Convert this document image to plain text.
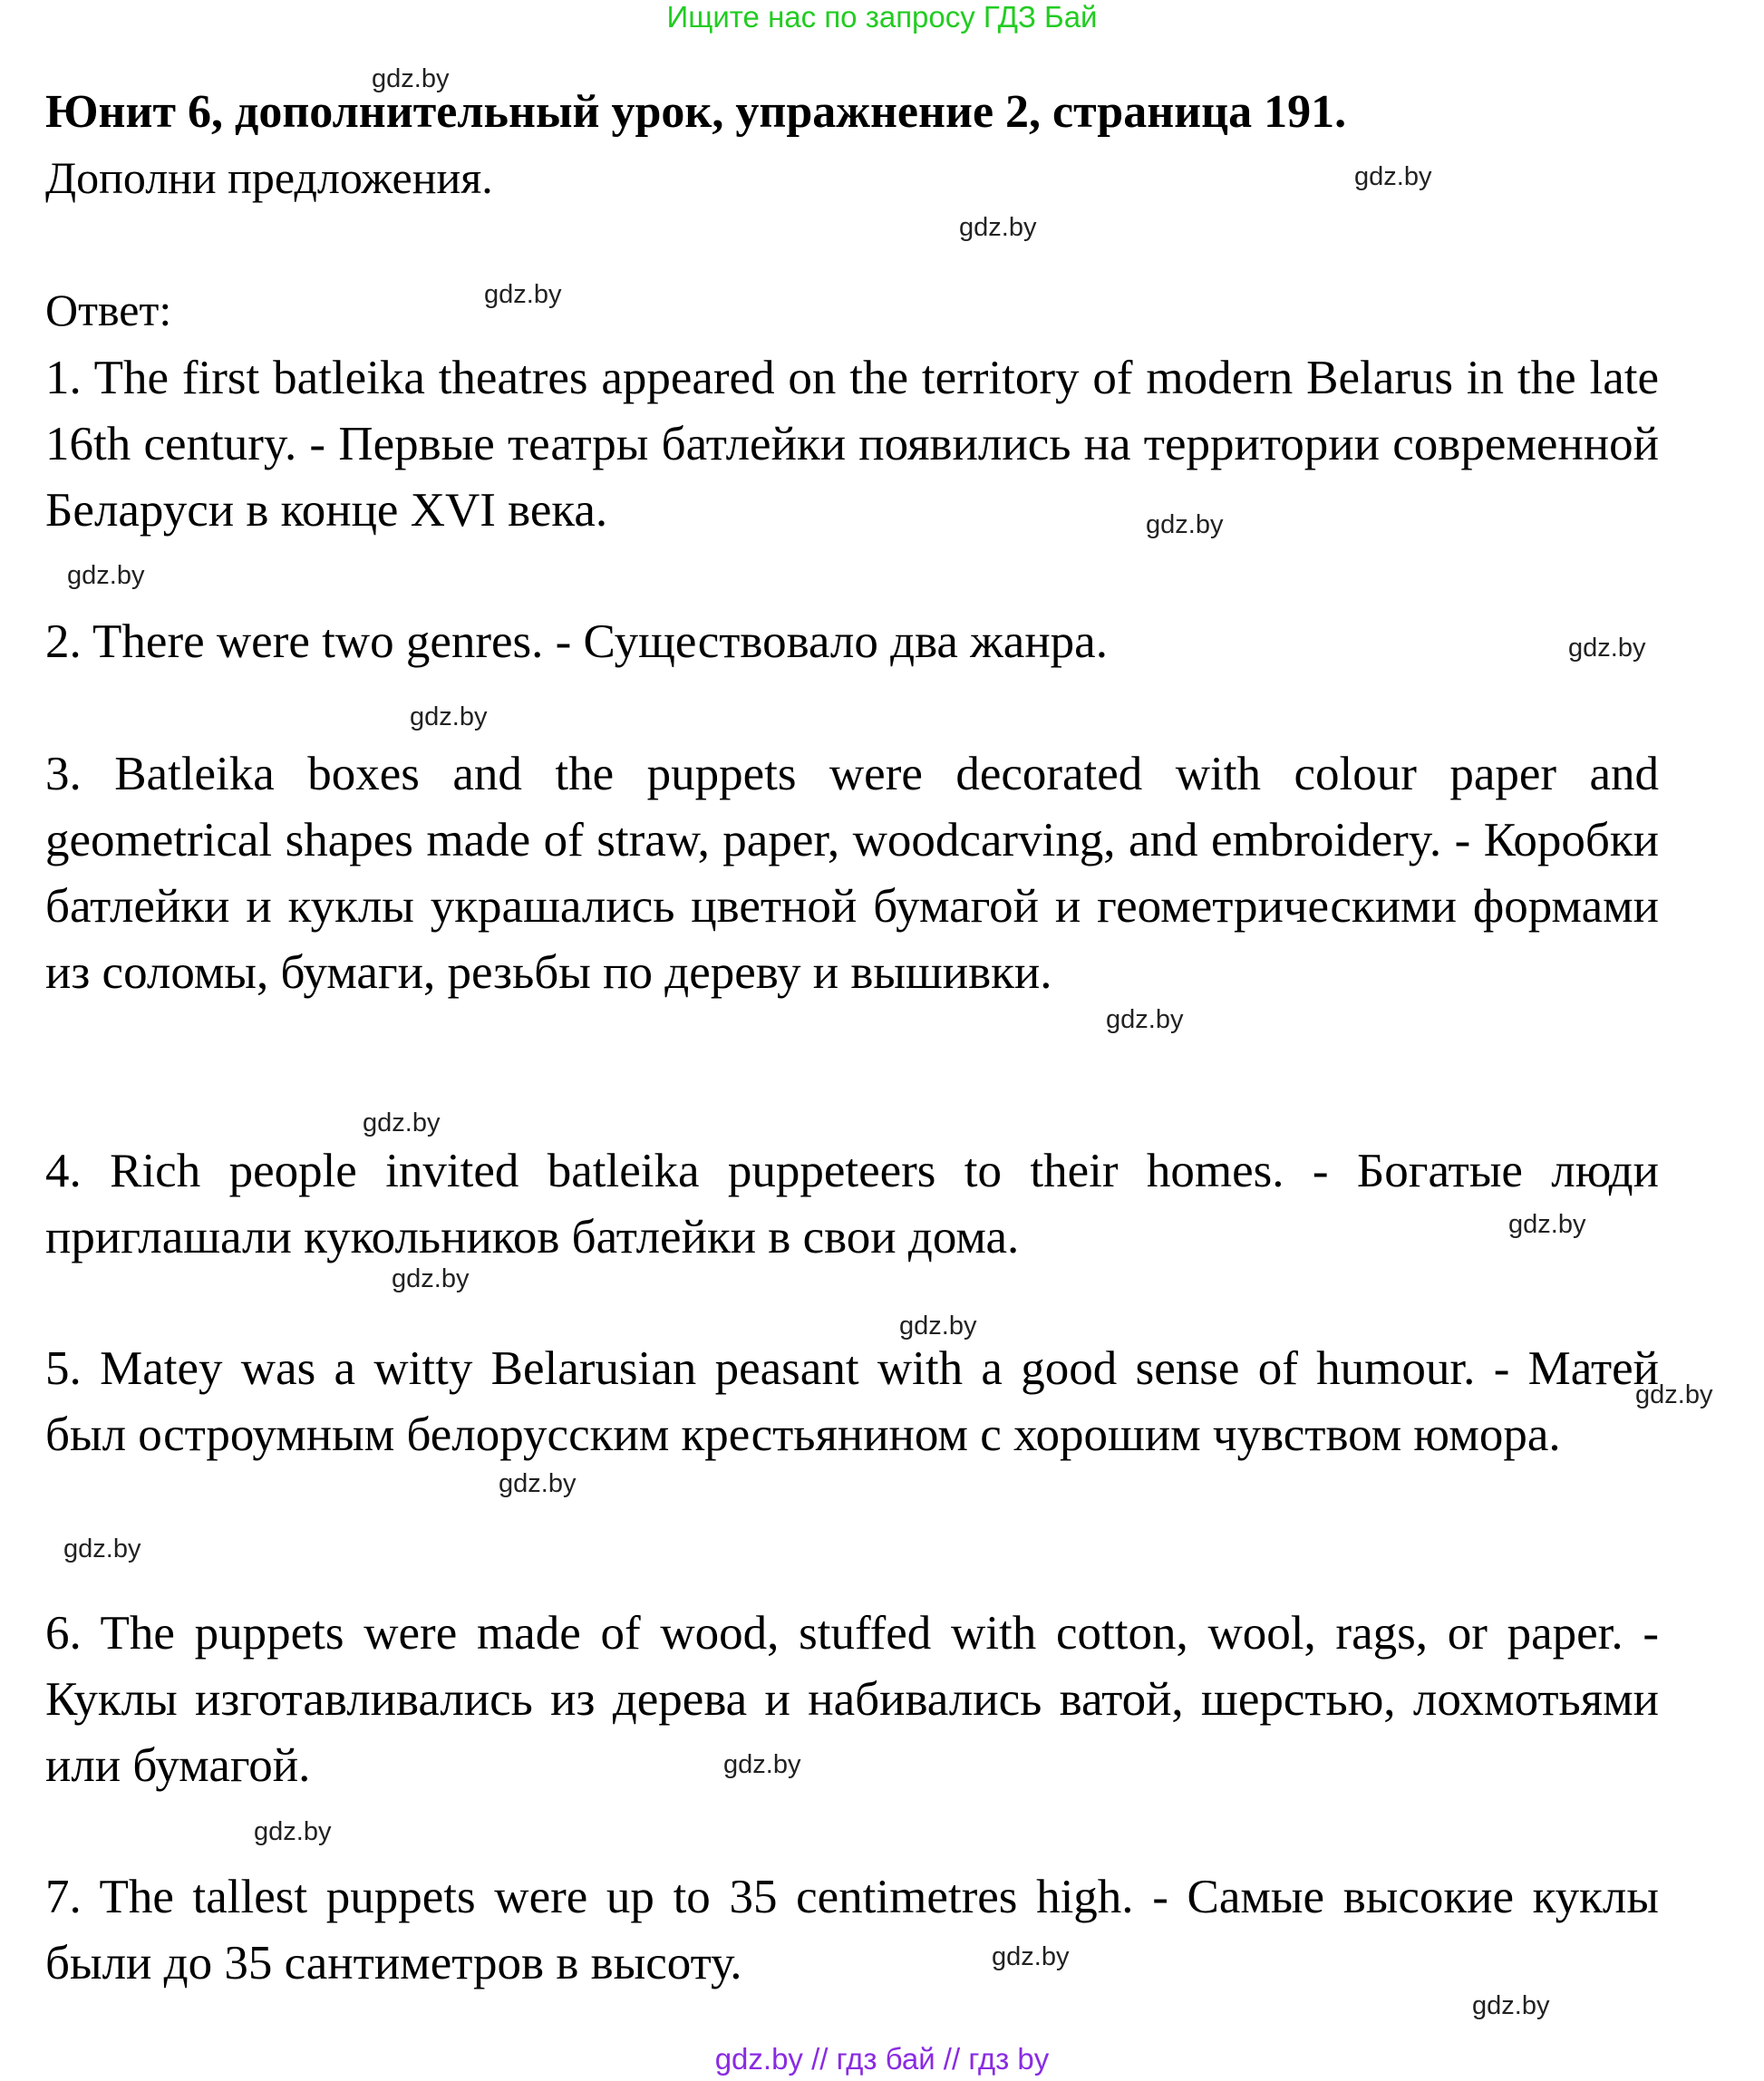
Ищите нас по запросу ГДЗ Бай
gdz.by
Юнит 6, дополнительный урок, упражнение 2, страница 191.
Дополни предложения.	gdz.by
gdz.by
Ответ:	gdz.by
1. The first batleika theatres appeared on the territory of modern Belarus in the late 16th century. - Первые театры батлейки появились на территории современной Беларуси в конце XVI века.	gdz.by
gdz.by
2. There were two genres. - Существовало два жанра.	gdz.by
gdz.by
3. Batleika boxes and the puppets were decorated with colour paper and geometrical shapes made of straw, paper, woodcarving, and embroidery. - Коробки батлейки и куклы украшались цветной бумагой и геометрическими формами из соломы, бумаги, резьбы по дереву и вышивки.
gdz.by
gdz.by
4. Rich people invited batleika puppeteers to their homes. - Богатые люди приглашали кукольников батлейки в свои дома.	gdz.by
gdz.by
gdz.by
5. Matey was a witty Belarusian peasant with a good sense of humour. - Матей был остроумным белорусским крестьянином с хорошим чувством юмора.
gdz.by
gdz.by
gdz.by
6. The puppets were made of wood, stuffed with cotton, wool, rags, or paper. - Куклы изготавливались из дерева и набивались ватой, шерстью, лохмотьями или бумагой.	gdz.by
gdz.by
7. The tallest puppets were up to 35 centimetres high. - Самые высокие куклы были до 35 сантиметров в высоту.	gdz.by
gdz.by
gdz.by // гдз бай // гдз by
